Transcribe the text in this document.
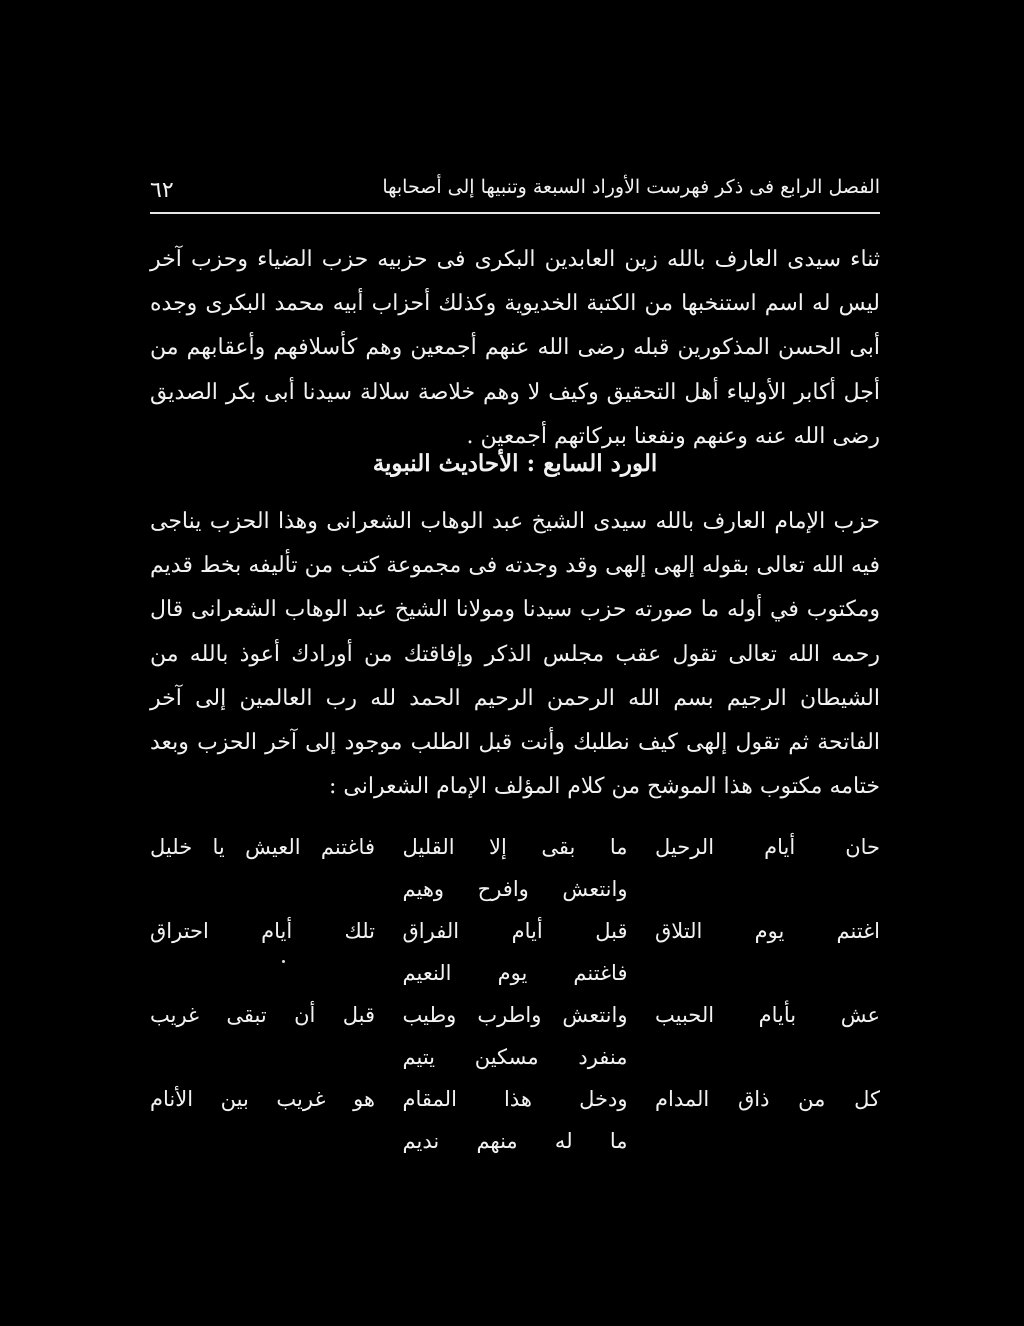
الفصل الرابع فى ذكر فهرست الأوراد السبعة وتنبيها إلى أصحابها
٦٢
ثناء سيدى العارف بالله زين العابدين البكرى فى حزبيه حزب الضياء وحزب آخر ليس له اسم استنخبها من الكتبة الخديوية وكذلك أحزاب أبيه محمد البكرى وجده أبى الحسن المذكورين قبله رضى الله عنهم أجمعين وهم كأسلافهم وأعقابهم من أجل أكابر الأولياء أهل التحقيق وكيف لا وهم خلاصة سلالة سيدنا أبى بكر الصديق رضى الله عنه وعنهم ونفعنا ببركاتهم أجمعين .
الورد السابع : الأحاديث النبوية
حزب الإمام العارف بالله سيدى الشيخ عبد الوهاب الشعرانى وهذا الحزب يناجى فيه الله تعالى بقوله إلهى إلهى وقد وجدته فى مجموعة كتب من تأليفه بخط قديم ومكتوب في أوله ما صورته حزب سيدنا ومولانا الشيخ عبد الوهاب الشعرانى قال رحمه الله تعالى تقول عقب مجلس الذكر وإفاقتك من أورادك أعوذ بالله من الشيطان الرجيم بسم الله الرحمن الرحيم الحمد لله رب العالمين إلى آخر الفاتحة ثم تقول إلهى كيف نطلبك وأنت قبل الطلب موجود إلى آخر الحزب وبعد ختامه مكتوب هذا الموشح من كلام المؤلف الإمام الشعرانى :
حان أيام الرحيل
ما بقى إلا القليل
فاغتنم العيش يا خليل
وانتعش وافرح وهيم
اغتنم يوم التلاق
قبل أيام الفراق
تلك أيام احتراق
فاغتنم يوم النعيم
عش بأيام الحبيب
وانتعش واطرب وطيب
قبل أن تبقى غريب
منفرد مسكين يتيم
كل من ذاق المدام
ودخل هذا المقام
هو غريب بين الأنام
ما له منهم نديم
